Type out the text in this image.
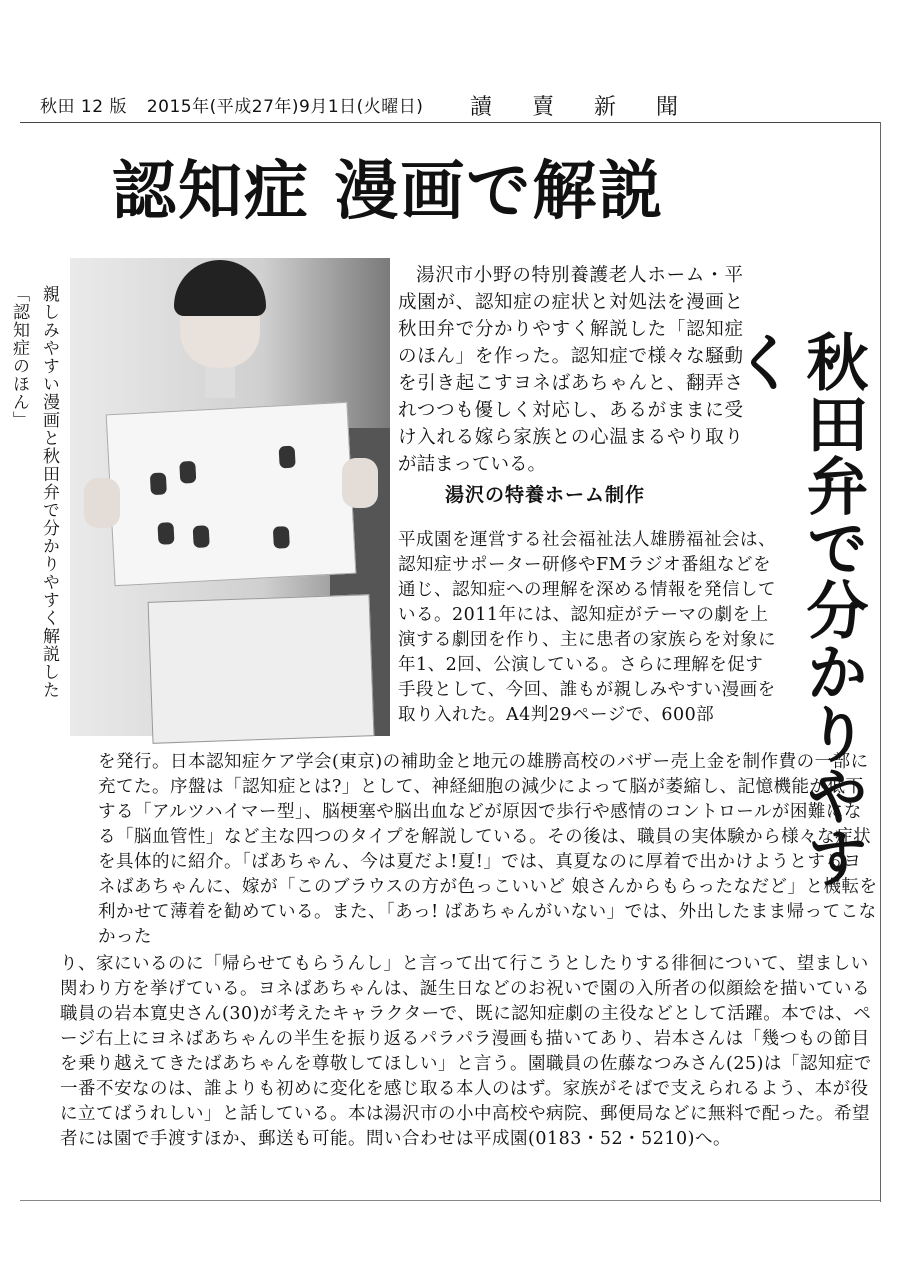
秋田 12 版 2015年(平成27年)9月1日(火曜日) 讀賣新聞
認知症 漫画で解説
親しみやすい漫画と秋田弁で分かりやすく解説した「認知症のほん」
湯沢市小野の特別養護老人ホーム・平成園が、認知症の症状と対処法を漫画と秋田弁で分かりやすく解説した「認知症のほん」を作った。認知症で様々な騒動を引き起こすヨネばあちゃんと、翻弄されつつも優しく対応し、あるがままに受け入れる嫁ら家族との心温まるやり取りが詰まっている。	秋田弁で分かりやすく
湯沢の特養ホーム制作
平成園を運営する社会福祉法人雄勝福祉会は、認知症サポーター研修やFMラジオ番組などを通じ、認知症への理解を深める情報を発信している。2011年には、認知症がテーマの劇を上演する劇団を作り、主に患者の家族らを対象に年1、2回、公演している。さらに理解を促す手段として、今回、誰もが親しみやすい漫画を取り入れた。A4判29ページで、600部
を発行。日本認知症ケア学会(東京)の補助金と地元の雄勝高校のバザー売上金を制作費の一部に充てた。序盤は「認知症とは?」として、神経細胞の減少によって脳が萎縮し、記憶機能が低下する「アルツハイマー型」、脳梗塞や脳出血などが原因で歩行や感情のコントロールが困難になる「脳血管性」など主な四つのタイプを解説している。その後は、職員の実体験から様々な症状を具体的に紹介。「ばあちゃん、今は夏だよ!夏!」では、真夏なのに厚着で出かけようとするヨネばあちゃんに、嫁が「このブラウスの方が色っこいいど 娘さんからもらったなだど」と機転を利かせて薄着を勧めている。また、「あっ! ばあちゃんがいない」では、外出したまま帰ってこなかった
り、家にいるのに「帰らせてもらうんし」と言って出て行こうとしたりする徘徊について、望ましい関わり方を挙げている。ヨネばあちゃんは、誕生日などのお祝いで園の入所者の似顔絵を描いている職員の岩本寛史さん(30)が考えたキャラクターで、既に認知症劇の主役などとして活躍。本では、ページ右上にヨネばあちゃんの半生を振り返るパラパラ漫画も描いてあり、岩本さんは「幾つもの節目を乗り越えてきたばあちゃんを尊敬してほしい」と言う。園職員の佐藤なつみさん(25)は「認知症で一番不安なのは、誰よりも初めに変化を感じ取る本人のはず。家族がそばで支えられるよう、本が役に立てばうれしい」と話している。本は湯沢市の小中高校や病院、郵便局などに無料で配った。希望者には園で手渡すほか、郵送も可能。問い合わせは平成園(0183・52・5210)へ。
